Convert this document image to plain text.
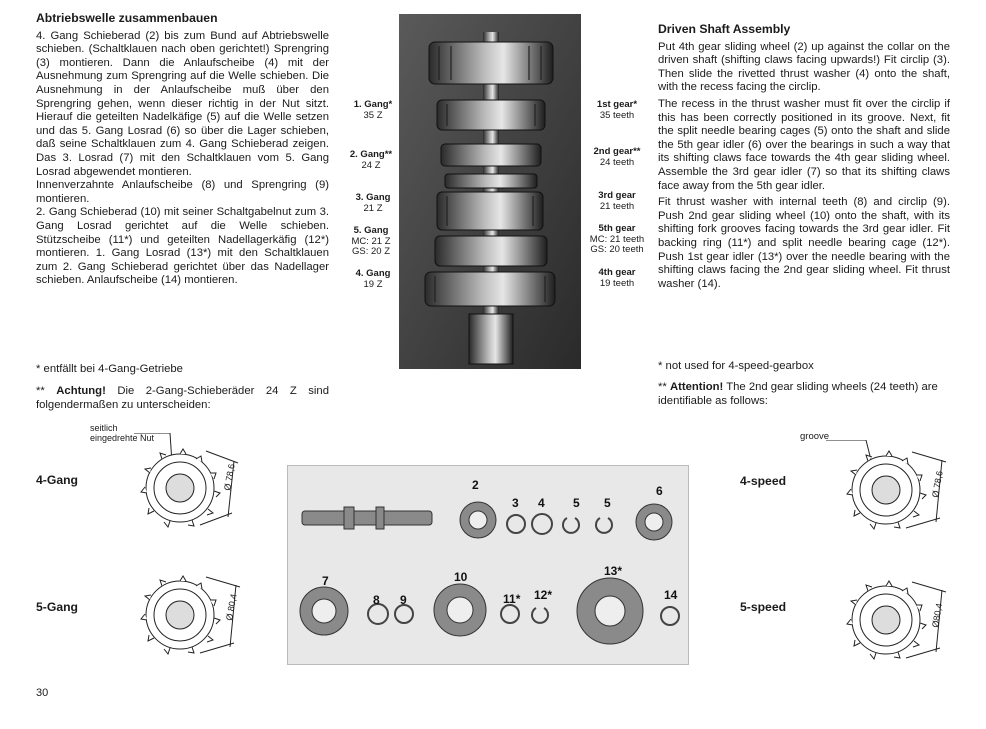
Abtriebswelle zusammenbauen

4. Gang Schieberad (2) bis zum Bund auf Abtriebswelle schieben. (Schaltklauen nach oben gerichtet!) Sprengring (3) montieren. Dann die Anlaufscheibe (4) mit der Ausnehmung zum Sprengring auf die Welle schieben. Die Ausnehmung in der Anlaufscheibe muß über den Sprengring gehen, wenn dieser richtig in der Nut sitzt. Hierauf die geteilten Nadelkäfige (5) auf die Welle setzen und das 5. Gang Losrad (6) so über die Lager schieben, daß seine Schaltklauen zum 4. Gang Schieberad zeigen. Das 3. Losrad (7) mit den Schaltklauen vom 5. Gang Losrad abgewendet montieren.

Innenverzahnte Anlaufscheibe (8) und Sprengring (9) montieren.

2. Gang Schieberad (10) mit seiner Schaltgabelnut zum 3. Gang Losrad gerichtet auf die Welle schieben. Stützscheibe (11*) und geteilten Nadellagerkäfig (12*) montieren. 1. Gang Losrad (13*) mit den Schaltklauen zum 2. Gang Schieberad gerichtet über das Nadellager schieben. Anlaufscheibe (14) montieren.

* entfällt bei 4-Gang-Getriebe
** Achtung! Die 2-Gang-Schieberäder 24 Z sind folgendermaßen zu unterscheiden:

Driven Shaft Assembly

Put 4th gear sliding wheel (2) up against the collar on the driven shaft (shifting claws facing upwards!) Fit circlip (3). Then slide the rivetted thrust washer (4) onto the shaft, with the recess facing the circlip.

The recess in the thrust washer must fit over the circlip if this has been correctly positioned in its groove. Next, fit the split needle bearing cages (5) onto the shaft and slide the 5th gear idler (6) over the bearings in such a way that its shifting claws face towards the 4th gear sliding wheel. Assemble the 3rd gear idler (7) so that its shifting claws face away from the 5th gear idler.

Fit thrust washer with internal teeth (8) and circlip (9). Push 2nd gear sliding wheel (10) onto the shaft, with its shifting fork grooves facing towards the 3rd gear idler. Fit backing ring (11*) and split needle bearing cage (12*). Push 1st gear idler (13*) over the needle bearing with the shifting claws facing the 2nd gear sliding wheel. Fit thrust washer (14).

* not used for 4-speed-gearbox
** Attention! The 2nd gear sliding wheels (24 teeth) are identifiable as follows:
1. Gang*
35 Z
2. Gang**
24 Z
3. Gang
21 Z
5. Gang
MC: 21 Z
GS: 20 Z
4. Gang
19 Z
1st gear*
35 teeth
2nd gear**
24 teeth
3rd gear
21 teeth
5th gear
MC: 21 teeth
GS: 20 teeth
4th gear
19 teeth
seitlich
eingedrehte Nut
4-Gang
5-Gang
Ø 78,6
Ø 80,4
2
3 4 5 5
6
7
8 9
10
11* 12*
13*
14
4-speed
5-speed
groove
Ø 78,6
Ø80,4
30
